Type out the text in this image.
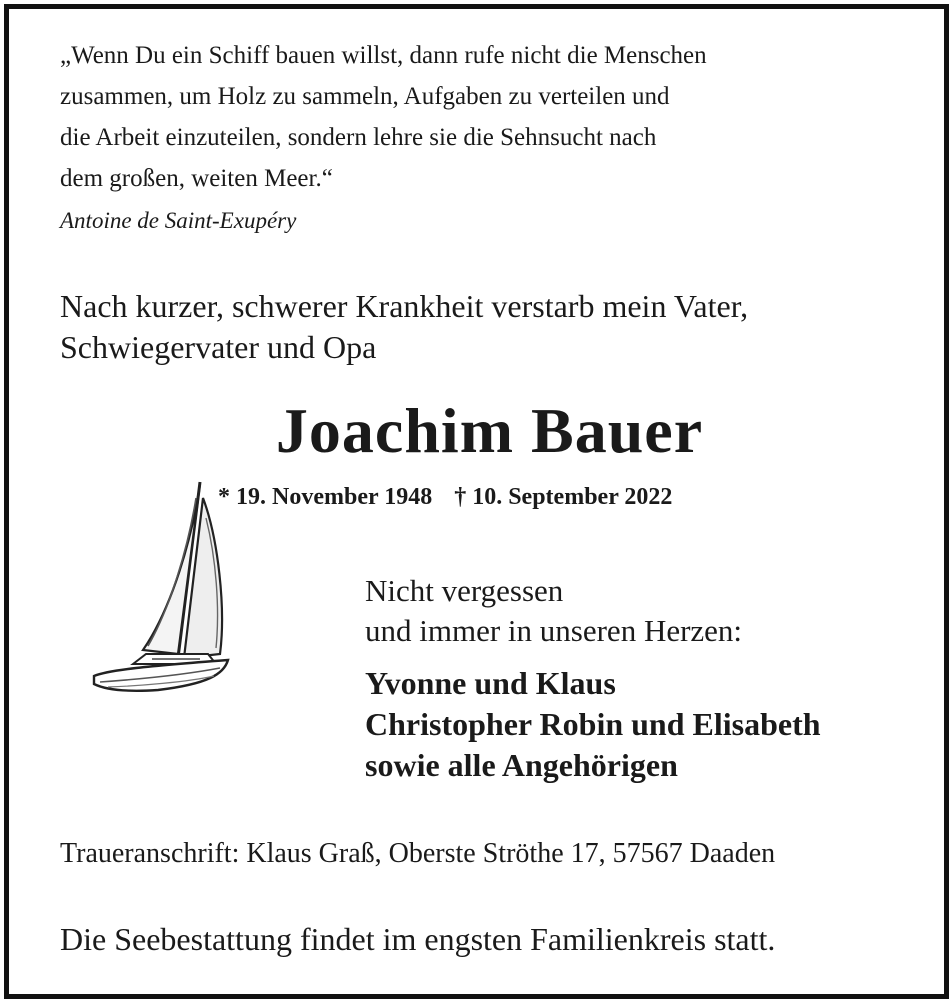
„Wenn Du ein Schiff bauen willst, dann rufe nicht die Menschen

zusammen, um Holz zu sammeln, Aufgaben zu verteilen und

die Arbeit einzuteilen, sondern lehre sie die Sehnsucht nach

dem großen, weiten Meer.“

Antoine de Saint-Exupéry

Nach kurzer, schwerer Krankheit verstarb mein Vater,

Schwiegervater und Opa

Joachim Bauer

* 19. November 1948 † 10. September 2022

Nicht vergessen

und immer in unseren Herzen:

Yvonne und Klaus

Christopher Robin und Elisabeth

sowie alle Angehörigen

Traueranschrift: Klaus Graß, Oberste Ströthe 17, 57567 Daaden

Die Seebestattung findet im engsten Familienkreis statt.
